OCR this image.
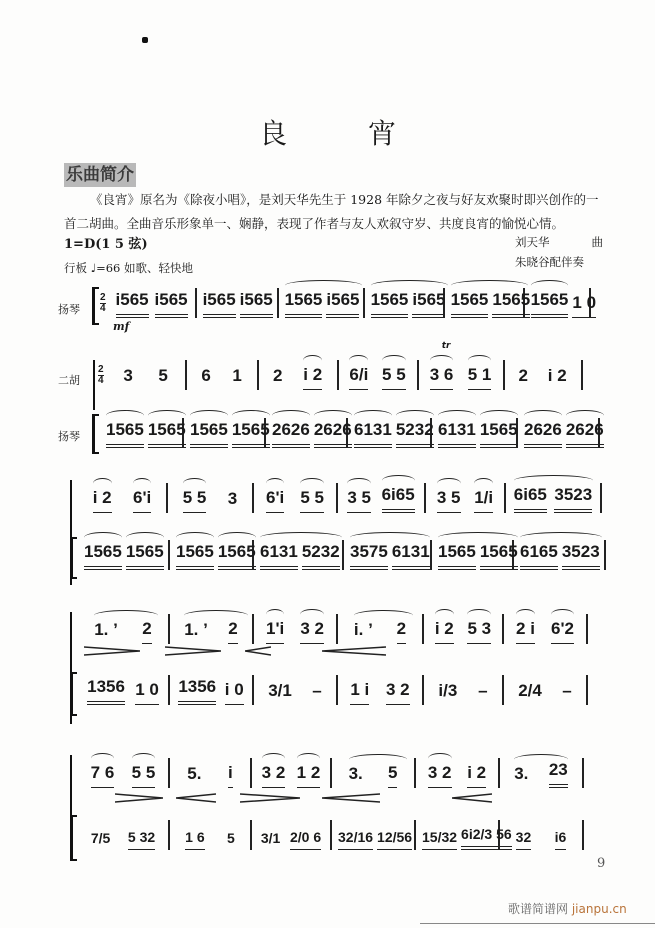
良 宵
乐曲简介
《良宵》原名为《除夜小唱》，是刘天华先生于 1928 年除夕之夜与好友欢聚时即兴创作的一首二胡曲。全曲音乐形象单一、娴静，表现了作者与友人欢叙守岁、共度良宵的愉悦心情。
1=D(1 5 弦)
行板 ♩=66 如歌、轻快地
刘天华	曲
朱晓谷配伴奏
扬琴
2
4 i565 i565 i565 i565 1565 i565 1565 i565 1565 1565 1565 1 0
mf
二胡
2
4 3 5 6 1 2 i 2 6/i 5 5
tr
3 6 5 1 2 i 2
扬琴 1565 1565 1565 1565 2626 2626 6131 5232 6131 1565 2626 2626
i 2 6'i 5 5 3 6'i 5 5 3 5 6i65 3 5 1/i 6i65 3523
1565 1565 1565 1565 6131 5232 3575 6131 1565 1565 6165 3523
1. ’ 2 1. ’ 2 1'i 3 2 i. ’ 2 i 2 5 3 2 i 6'2
1356 1 0 1356 i 0 3/1 – 1 i 3 2 i/3 – 2/4 –
7 6 5 5 5. i 3 2 1 2 3. 5 3 2 i 2 3. 23
7/5 5 32 1 6 5 3/1 2/0 6 32/16 12/56 15/32 6i2/3 56 32 i6
9
歌谱简谱网 jianpu.cn
